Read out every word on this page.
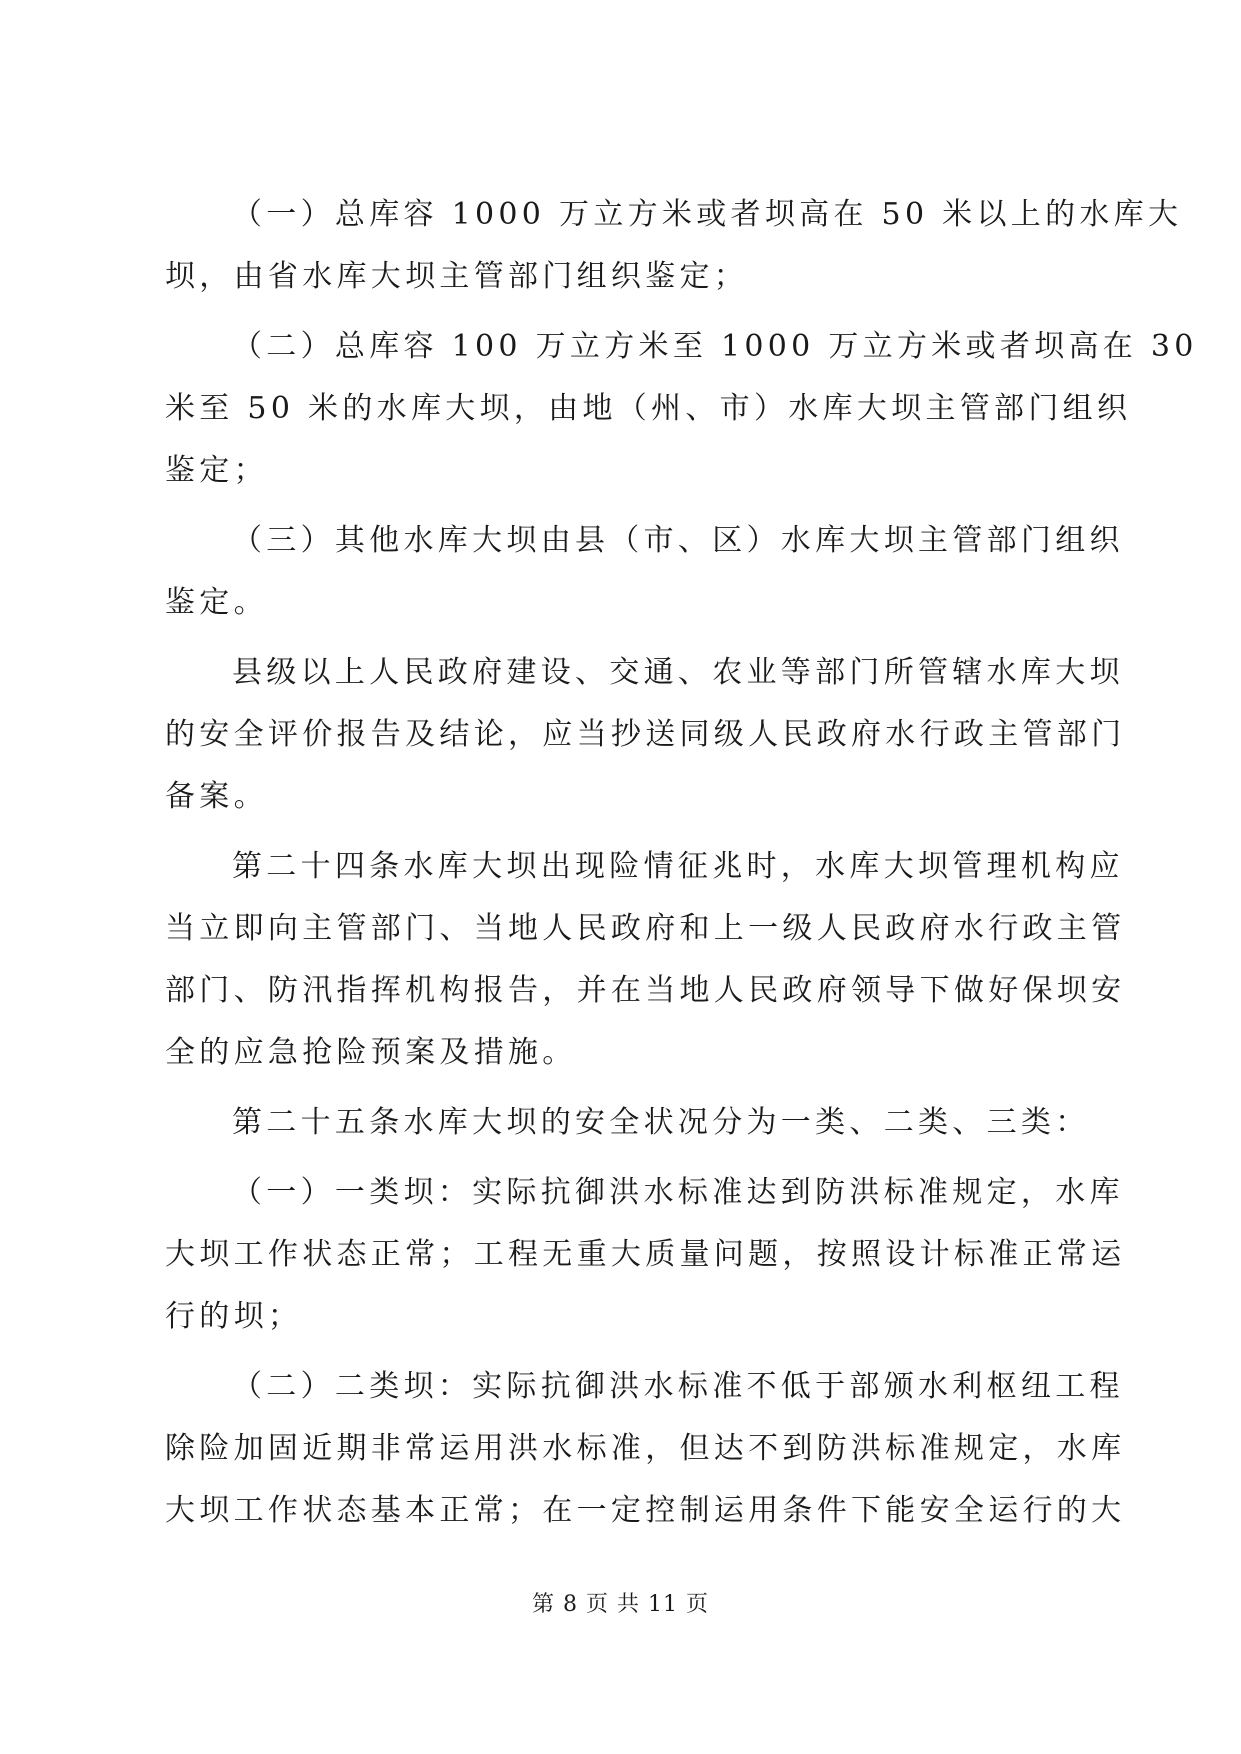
（一）总库容 1000 万立方米或者坝高在 50 米以上的水库大
坝，由省水库大坝主管部门组织鉴定；
（二）总库容 100 万立方米至 1000 万立方米或者坝高在 30
米至 50 米的水库大坝，由地（州、市）水库大坝主管部门组织
鉴定；
（三）其他水库大坝由县（市、区）水库大坝主管部门组织
鉴定。
县级以上人民政府建设、交通、农业等部门所管辖水库大坝
的安全评价报告及结论，应当抄送同级人民政府水行政主管部门
备案。
第二十四条水库大坝出现险情征兆时，水库大坝管理机构应
当立即向主管部门、当地人民政府和上一级人民政府水行政主管
部门、防汛指挥机构报告，并在当地人民政府领导下做好保坝安
全的应急抢险预案及措施。
第二十五条水库大坝的安全状况分为一类、二类、三类：
（一）一类坝：实际抗御洪水标准达到防洪标准规定，水库
大坝工作状态正常；工程无重大质量问题，按照设计标准正常运
行的坝；
（二）二类坝：实际抗御洪水标准不低于部颁水利枢纽工程
除险加固近期非常运用洪水标准，但达不到防洪标准规定，水库
第 8 页 共 11 页
大坝工作状态基本正常；在一定控制运用条件下能安全运行的大
